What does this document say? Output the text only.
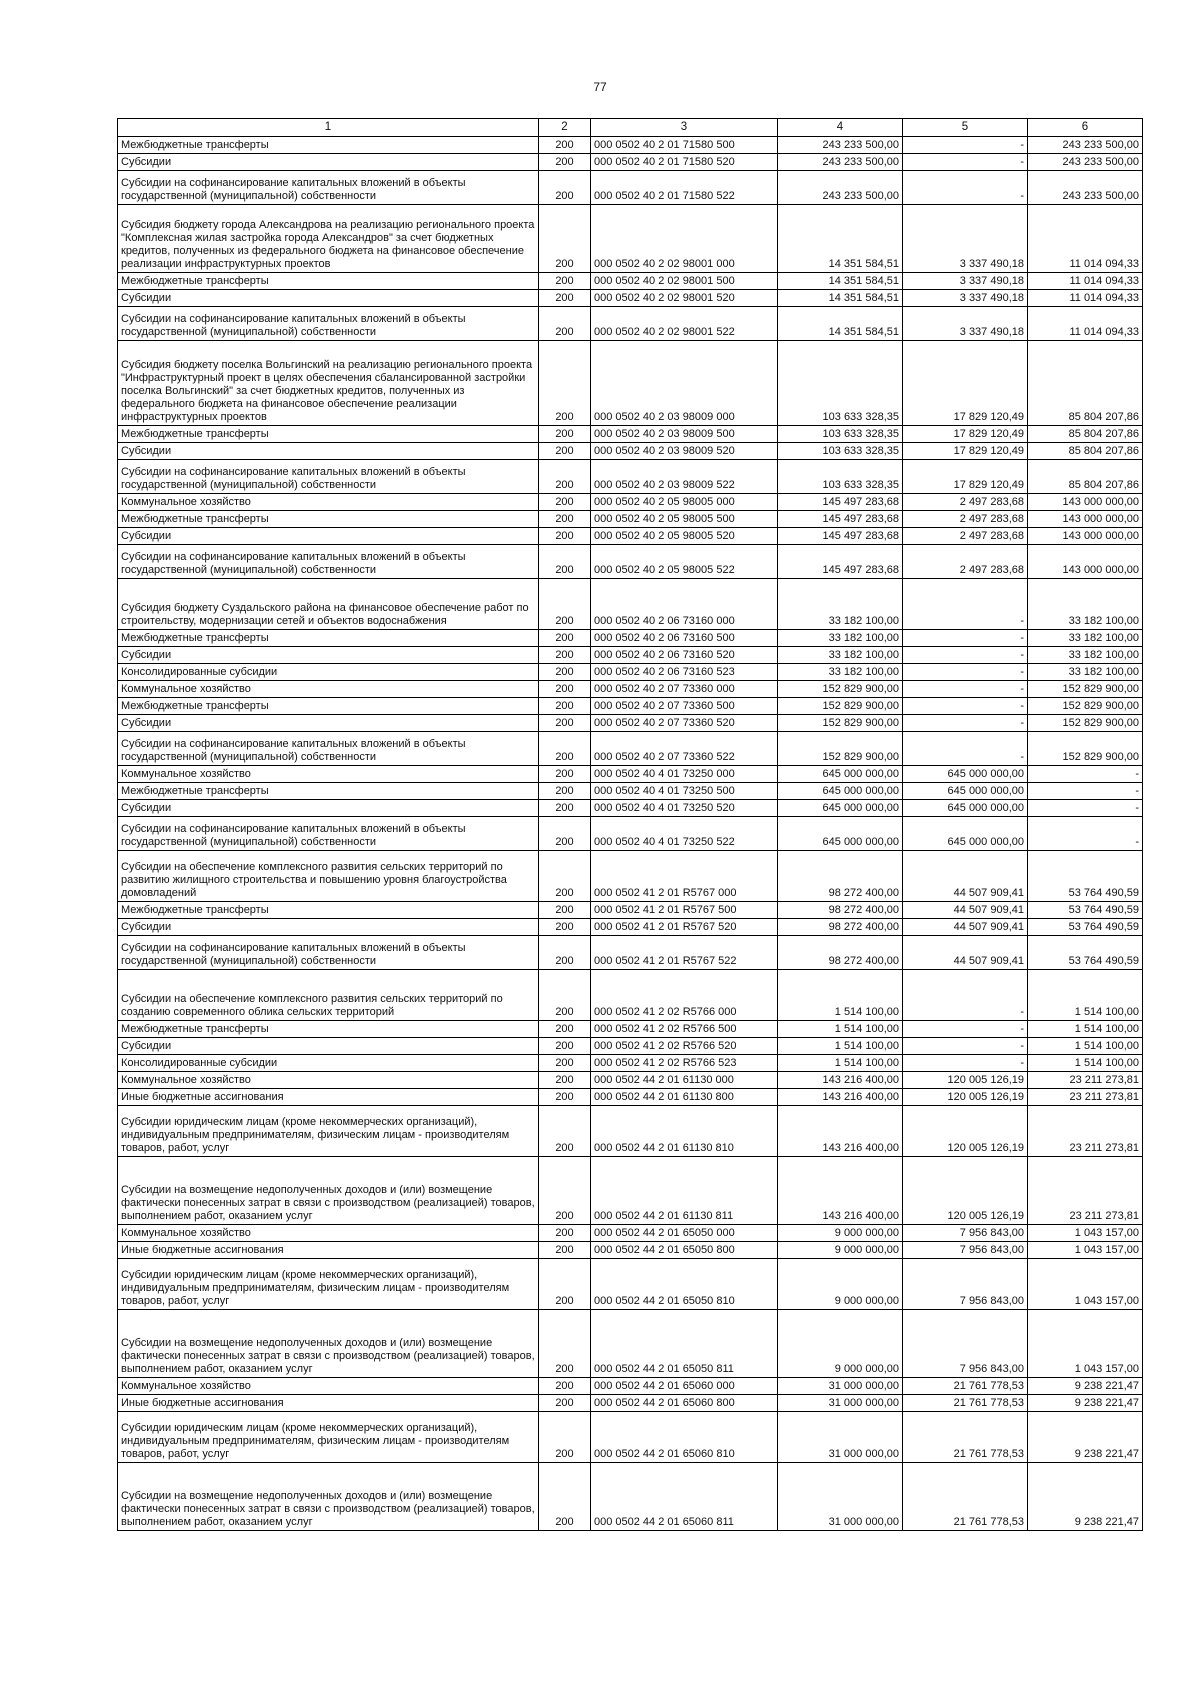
77
1	2	3	4	5	6
Межбюджетные трансферты	200	000 0502 40 2 01 71580 500	243 233 500,00	-	243 233 500,00
Субсидии	200	000 0502 40 2 01 71580 520	243 233 500,00	-	243 233 500,00
Субсидии на софинансирование капитальных вложений в объекты государственной (муниципальной) собственности	200	000 0502 40 2 01 71580 522	243 233 500,00	-	243 233 500,00
Субсидия бюджету города Александрова на реализацию регионального проекта "Комплексная жилая застройка города Александров" за счет бюджетных кредитов, полученных из федерального бюджета на финансовое обеспечение реализации инфраструктурных проектов	200	000 0502 40 2 02 98001 000	14 351 584,51	3 337 490,18	11 014 094,33
Межбюджетные трансферты	200	000 0502 40 2 02 98001 500	14 351 584,51	3 337 490,18	11 014 094,33
Субсидии	200	000 0502 40 2 02 98001 520	14 351 584,51	3 337 490,18	11 014 094,33
Субсидии на софинансирование капитальных вложений в объекты государственной (муниципальной) собственности	200	000 0502 40 2 02 98001 522	14 351 584,51	3 337 490,18	11 014 094,33
Субсидия бюджету поселка Вольгинский на реализацию регионального проекта "Инфраструктурный проект в целях обеспечения сбалансированной застройки поселка Вольгинский" за счет бюджетных кредитов, полученных из федерального бюджета на финансовое обеспечение реализации инфраструктурных проектов	200	000 0502 40 2 03 98009 000	103 633 328,35	17 829 120,49	85 804 207,86
Межбюджетные трансферты	200	000 0502 40 2 03 98009 500	103 633 328,35	17 829 120,49	85 804 207,86
Субсидии	200	000 0502 40 2 03 98009 520	103 633 328,35	17 829 120,49	85 804 207,86
Субсидии на софинансирование капитальных вложений в объекты государственной (муниципальной) собственности	200	000 0502 40 2 03 98009 522	103 633 328,35	17 829 120,49	85 804 207,86
Коммунальное хозяйство	200	000 0502 40 2 05 98005 000	145 497 283,68	2 497 283,68	143 000 000,00
Межбюджетные трансферты	200	000 0502 40 2 05 98005 500	145 497 283,68	2 497 283,68	143 000 000,00
Субсидии	200	000 0502 40 2 05 98005 520	145 497 283,68	2 497 283,68	143 000 000,00
Субсидии на софинансирование капитальных вложений в объекты государственной (муниципальной) собственности	200	000 0502 40 2 05 98005 522	145 497 283,68	2 497 283,68	143 000 000,00
Субсидия бюджету Суздальского района на финансовое обеспечение работ по строительству, модернизации сетей и объектов водоснабжения	200	000 0502 40 2 06 73160 000	33 182 100,00	-	33 182 100,00
Межбюджетные трансферты	200	000 0502 40 2 06 73160 500	33 182 100,00	-	33 182 100,00
Субсидии	200	000 0502 40 2 06 73160 520	33 182 100,00	-	33 182 100,00
Консолидированные субсидии	200	000 0502 40 2 06 73160 523	33 182 100,00	-	33 182 100,00
Коммунальное хозяйство	200	000 0502 40 2 07 73360 000	152 829 900,00	-	152 829 900,00
Межбюджетные трансферты	200	000 0502 40 2 07 73360 500	152 829 900,00	-	152 829 900,00
Субсидии	200	000 0502 40 2 07 73360 520	152 829 900,00	-	152 829 900,00
Субсидии на софинансирование капитальных вложений в объекты государственной (муниципальной) собственности	200	000 0502 40 2 07 73360 522	152 829 900,00	-	152 829 900,00
Коммунальное хозяйство	200	000 0502 40 4 01 73250 000	645 000 000,00	645 000 000,00	-
Межбюджетные трансферты	200	000 0502 40 4 01 73250 500	645 000 000,00	645 000 000,00	-
Субсидии	200	000 0502 40 4 01 73250 520	645 000 000,00	645 000 000,00	-
Субсидии на софинансирование капитальных вложений в объекты государственной (муниципальной) собственности	200	000 0502 40 4 01 73250 522	645 000 000,00	645 000 000,00	-
Субсидии на обеспечение комплексного развития сельских территорий по развитию жилищного строительства и повышению уровня благоустройства домовладений	200	000 0502 41 2 01 R5767 000	98 272 400,00	44 507 909,41	53 764 490,59
Межбюджетные трансферты	200	000 0502 41 2 01 R5767 500	98 272 400,00	44 507 909,41	53 764 490,59
Субсидии	200	000 0502 41 2 01 R5767 520	98 272 400,00	44 507 909,41	53 764 490,59
Субсидии на софинансирование капитальных вложений в объекты государственной (муниципальной) собственности	200	000 0502 41 2 01 R5767 522	98 272 400,00	44 507 909,41	53 764 490,59
Субсидии на обеспечение комплексного развития сельских территорий по созданию современного облика сельских территорий	200	000 0502 41 2 02 R5766 000	1 514 100,00	-	1 514 100,00
Межбюджетные трансферты	200	000 0502 41 2 02 R5766 500	1 514 100,00	-	1 514 100,00
Субсидии	200	000 0502 41 2 02 R5766 520	1 514 100,00	-	1 514 100,00
Консолидированные субсидии	200	000 0502 41 2 02 R5766 523	1 514 100,00	-	1 514 100,00
Коммунальное хозяйство	200	000 0502 44 2 01 61130 000	143 216 400,00	120 005 126,19	23 211 273,81
Иные бюджетные ассигнования	200	000 0502 44 2 01 61130 800	143 216 400,00	120 005 126,19	23 211 273,81
Субсидии юридическим лицам (кроме некоммерческих организаций), индивидуальным предпринимателям, физическим лицам - производителям товаров, работ, услуг	200	000 0502 44 2 01 61130 810	143 216 400,00	120 005 126,19	23 211 273,81
Субсидии на возмещение недополученных доходов и (или) возмещение фактически понесенных затрат в связи с производством (реализацией) товаров, выполнением работ, оказанием услуг	200	000 0502 44 2 01 61130 811	143 216 400,00	120 005 126,19	23 211 273,81
Коммунальное хозяйство	200	000 0502 44 2 01 65050 000	9 000 000,00	7 956 843,00	1 043 157,00
Иные бюджетные ассигнования	200	000 0502 44 2 01 65050 800	9 000 000,00	7 956 843,00	1 043 157,00
Субсидии юридическим лицам (кроме некоммерческих организаций), индивидуальным предпринимателям, физическим лицам - производителям товаров, работ, услуг	200	000 0502 44 2 01 65050 810	9 000 000,00	7 956 843,00	1 043 157,00
Субсидии на возмещение недополученных доходов и (или) возмещение фактически понесенных затрат в связи с производством (реализацией) товаров, выполнением работ, оказанием услуг	200	000 0502 44 2 01 65050 811	9 000 000,00	7 956 843,00	1 043 157,00
Коммунальное хозяйство	200	000 0502 44 2 01 65060 000	31 000 000,00	21 761 778,53	9 238 221,47
Иные бюджетные ассигнования	200	000 0502 44 2 01 65060 800	31 000 000,00	21 761 778,53	9 238 221,47
Субсидии юридическим лицам (кроме некоммерческих организаций), индивидуальным предпринимателям, физическим лицам - производителям товаров, работ, услуг	200	000 0502 44 2 01 65060 810	31 000 000,00	21 761 778,53	9 238 221,47
Субсидии на возмещение недополученных доходов и (или) возмещение фактически понесенных затрат в связи с производством (реализацией) товаров, выполнением работ, оказанием услуг	200	000 0502 44 2 01 65060 811	31 000 000,00	21 761 778,53	9 238 221,47
